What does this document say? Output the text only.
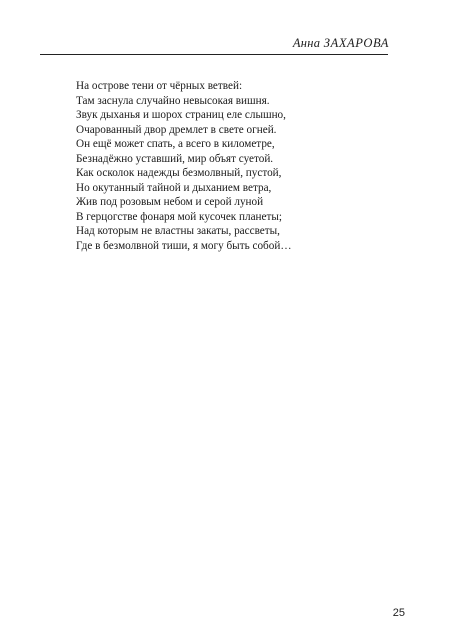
Анна ЗАХАРОВА
На острове тени от чёрных ветвей:
Там заснула случайно невысокая вишня.
Звук дыханья и шорох страниц еле слышно,
Очарованный двор дремлет в свете огней.
Он ещё может спать, а всего в километре,
Безнадёжно уставший, мир объят суетой.
Как осколок надежды безмолвный, пустой,
Но окутанный тайной и дыханием ветра,
Жив под розовым небом и серой луной
В герцогстве фонаря мой кусочек планеты;
Над которым не властны закаты, рассветы,
Где в безмолвной тиши, я могу быть собой…
25
